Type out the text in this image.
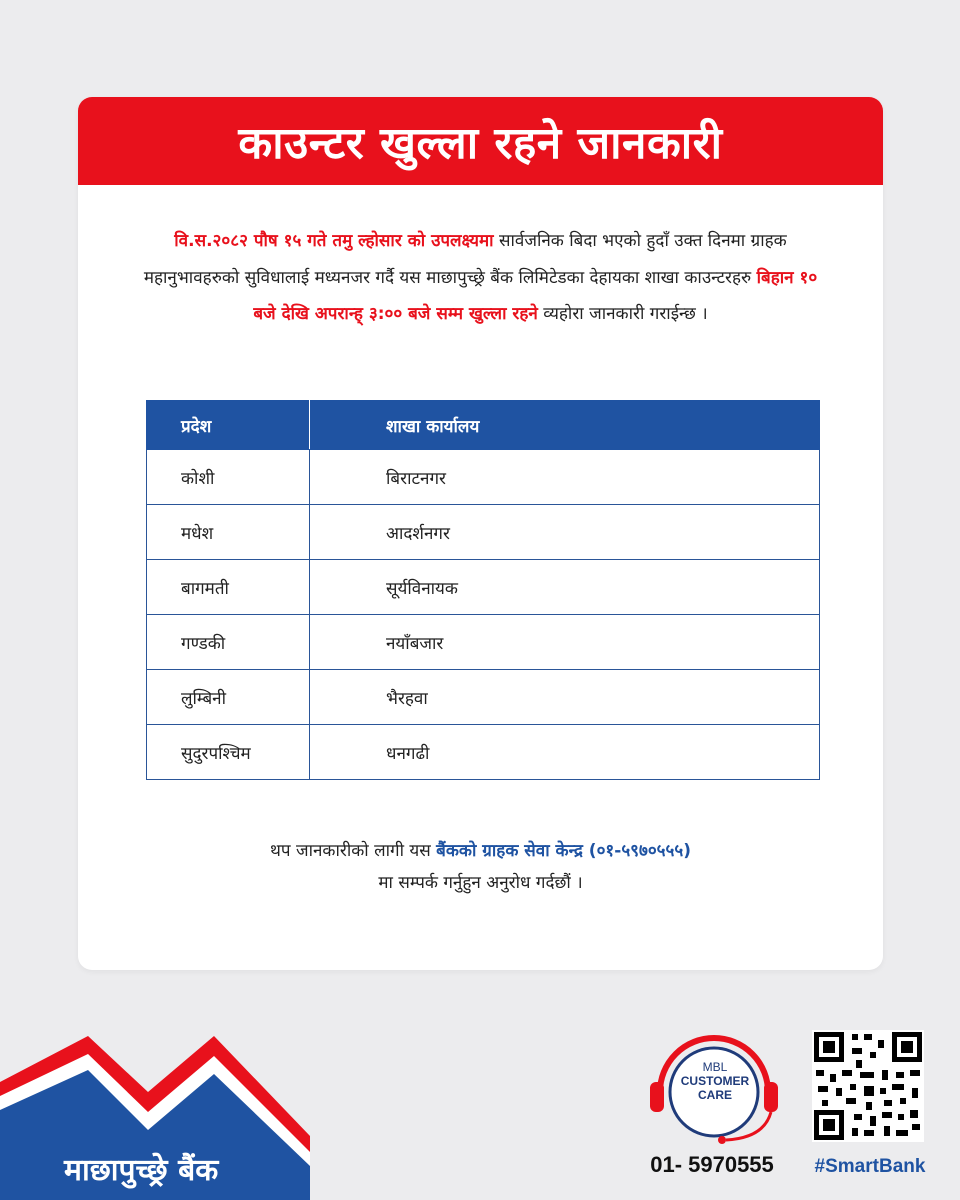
काउन्टर खुल्ला रहने जानकारी

वि.स.२०८२ पौष १५ गते तमु ल्होसार को उपलक्ष्यमा सार्वजनिक बिदा भएको हुदाँ उक्त दिनमा ग्राहक महानुभावहरुको सुविधालाई मध्यनजर गर्दै यस माछापुच्छ्रे बैंक लिमिटेडका देहायका शाखा काउन्टरहरु बिहान १० बजे देखि अपरान्ह् ३:०० बजे सम्म खुल्ला रहने व्यहोरा जानकारी गराईन्छ ।

प्रदेश	शाखा कार्यालय
कोशी	बिराटनगर
मधेश	आदर्शनगर
बागमती	सूर्यविनायक
गण्डकी	नयाँबजार
लुम्बिनी	भैरहवा
सुदुरपश्चिम	धनगढी
थप जानकारीको लागी यस बैंकको ग्राहक सेवा केन्द्र (०१-५९७०५५५)
मा सम्पर्क गर्नुहुन अनुरोध गर्दछौं ।
माछापुच्छ्रे बैंक
MBL
CUSTOMER
CARE
01- 5970555	#SmartBank
